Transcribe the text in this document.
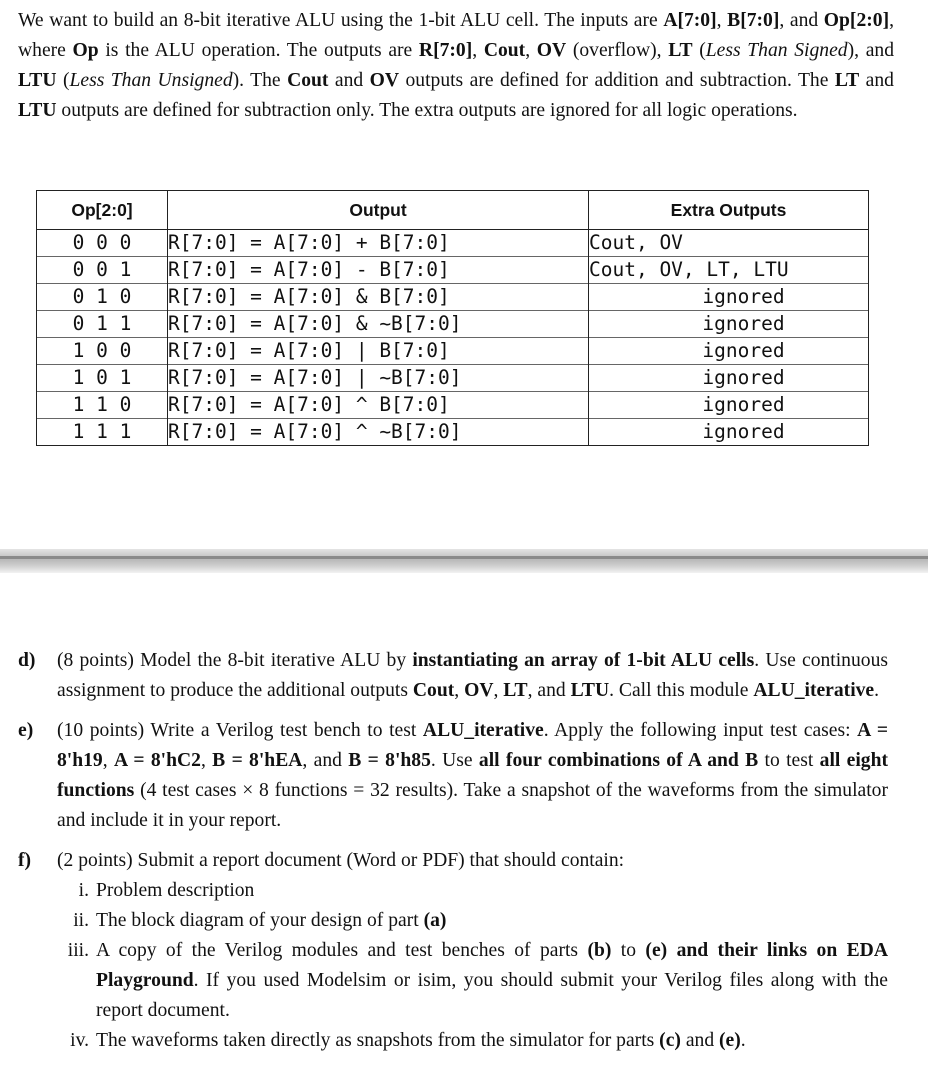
We want to build an 8-bit iterative ALU using the 1-bit ALU cell. The inputs are A[7:0], B[7:0], and Op[2:0], where Op is the ALU operation. The outputs are R[7:0], Cout, OV (overflow), LT (Less Than Signed), and LTU (Less Than Unsigned). The Cout and OV outputs are defined for addition and subtraction. The LT and LTU outputs are defined for subtraction only. The extra outputs are ignored for all logic operations.

Op[2:0]	Output	Extra Outputs
0 0 0	R[7:0] = A[7:0] + B[7:0]	Cout, OV
0 0 1	R[7:0] = A[7:0] - B[7:0]	Cout, OV, LT, LTU
0 1 0	R[7:0] = A[7:0] & B[7:0]	ignored
0 1 1	R[7:0] = A[7:0] & ~B[7:0]	ignored
1 0 0	R[7:0] = A[7:0] | B[7:0]	ignored
1 0 1	R[7:0] = A[7:0] | ~B[7:0]	ignored
1 1 0	R[7:0] = A[7:0] ^ B[7:0]	ignored
1 1 1	R[7:0] = A[7:0] ^ ~B[7:0]	ignored
d) (8 points) Model the 8-bit iterative ALU by instantiating an array of 1-bit ALU cells. Use continuous assignment to produce the additional outputs Cout, OV, LT, and LTU. Call this module ALU_iterative.
e) (10 points) Write a Verilog test bench to test ALU_iterative. Apply the following input test cases: A = 8'h19, A = 8'hC2, B = 8'hEA, and B = 8'h85. Use all four combinations of A and B to test all eight functions (4 test cases × 8 functions = 32 results). Take a snapshot of the waveforms from the simulator and include it in your report.
f) (2 points) Submit a report document (Word or PDF) that should contain:
i. Problem description
ii. The block diagram of your design of part (a)
iii. A copy of the Verilog modules and test benches of parts (b) to (e) and their links on EDA Playground. If you used Modelsim or isim, you should submit your Verilog files along with the report document.
iv. The waveforms taken directly as snapshots from the simulator for parts (c) and (e).
